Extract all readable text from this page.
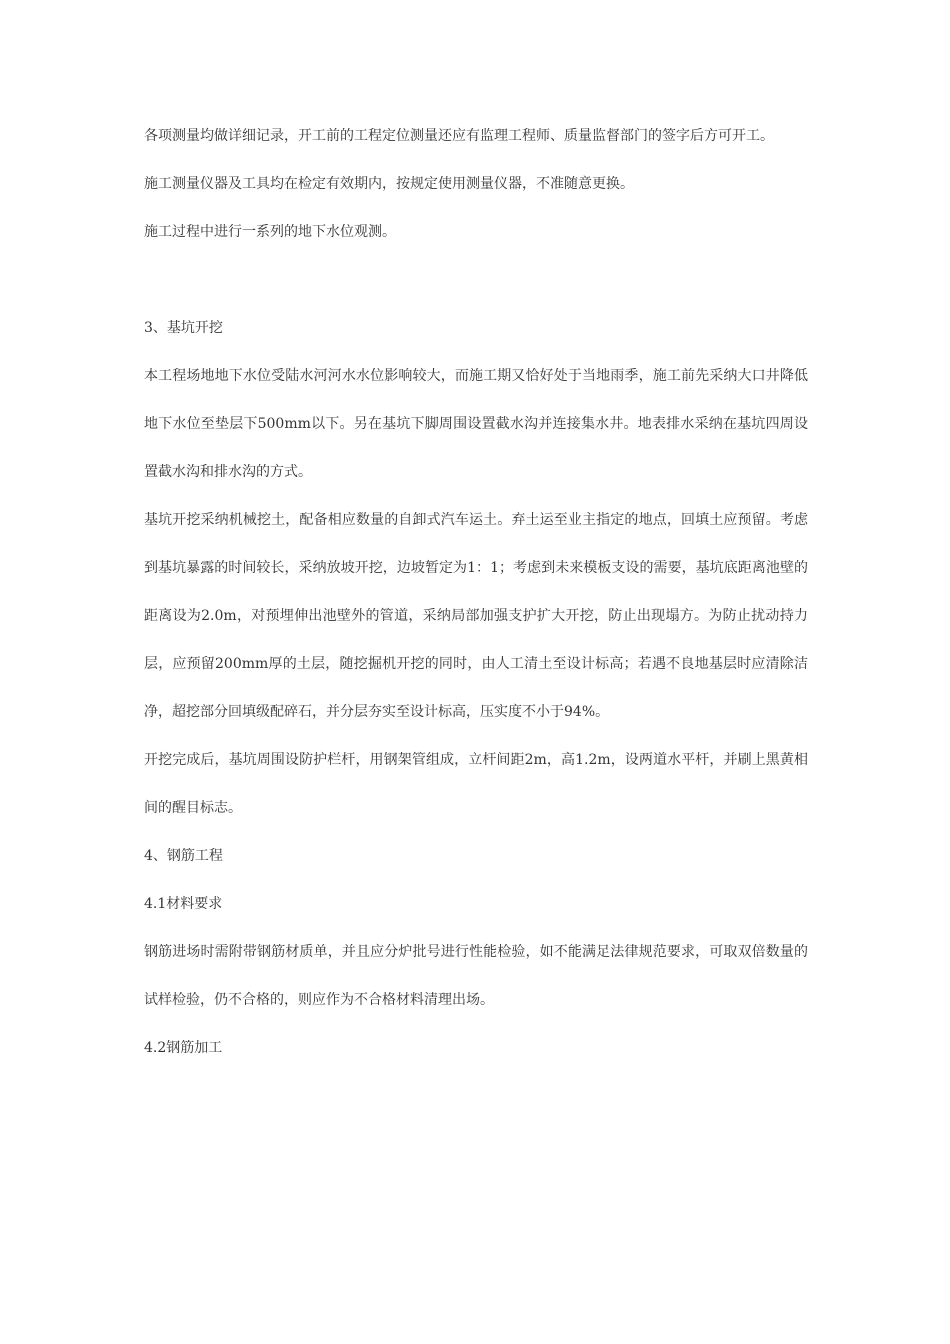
各项测量均做详细记录，开工前的工程定位测量还应有监理工程师、质量监督部门的签字后方可开工。

施工测量仪器及工具均在检定有效期内，按规定使用测量仪器，不准随意更换。

施工过程中进行一系列的地下水位观测。

3、基坑开挖

本工程场地地下水位受陆水河河水水位影响较大，而施工期又恰好处于当地雨季，施工前先采纳大口井降低地下水位至垫层下500mm以下。另在基坑下脚周围设置截水沟并连接集水井。地表排水采纳在基坑四周设置截水沟和排水沟的方式。

基坑开挖采纳机械挖土，配备相应数量的自卸式汽车运土。弃土运至业主指定的地点，回填土应预留。考虑到基坑暴露的时间较长，采纳放坡开挖，边坡暂定为1：1；考虑到未来模板支设的需要，基坑底距离池壁的距离设为2.0m，对预埋伸出池壁外的管道，采纳局部加强支护扩大开挖，防止出现塌方。为防止扰动持力层，应预留200mm厚的土层，随挖掘机开挖的同时，由人工清土至设计标高；若遇不良地基层时应清除洁净，超挖部分回填级配碎石，并分层夯实至设计标高，压实度不小于94%。

开挖完成后，基坑周围设防护栏杆，用钢架管组成，立杆间距2m，高1.2m，设两道水平杆，并刷上黑黄相间的醒目标志。

4、钢筋工程

4.1材料要求

钢筋进场时需附带钢筋材质单，并且应分炉批号进行性能检验，如不能满足法律规范要求，可取双倍数量的试样检验，仍不合格的，则应作为不合格材料清理出场。

4.2钢筋加工
